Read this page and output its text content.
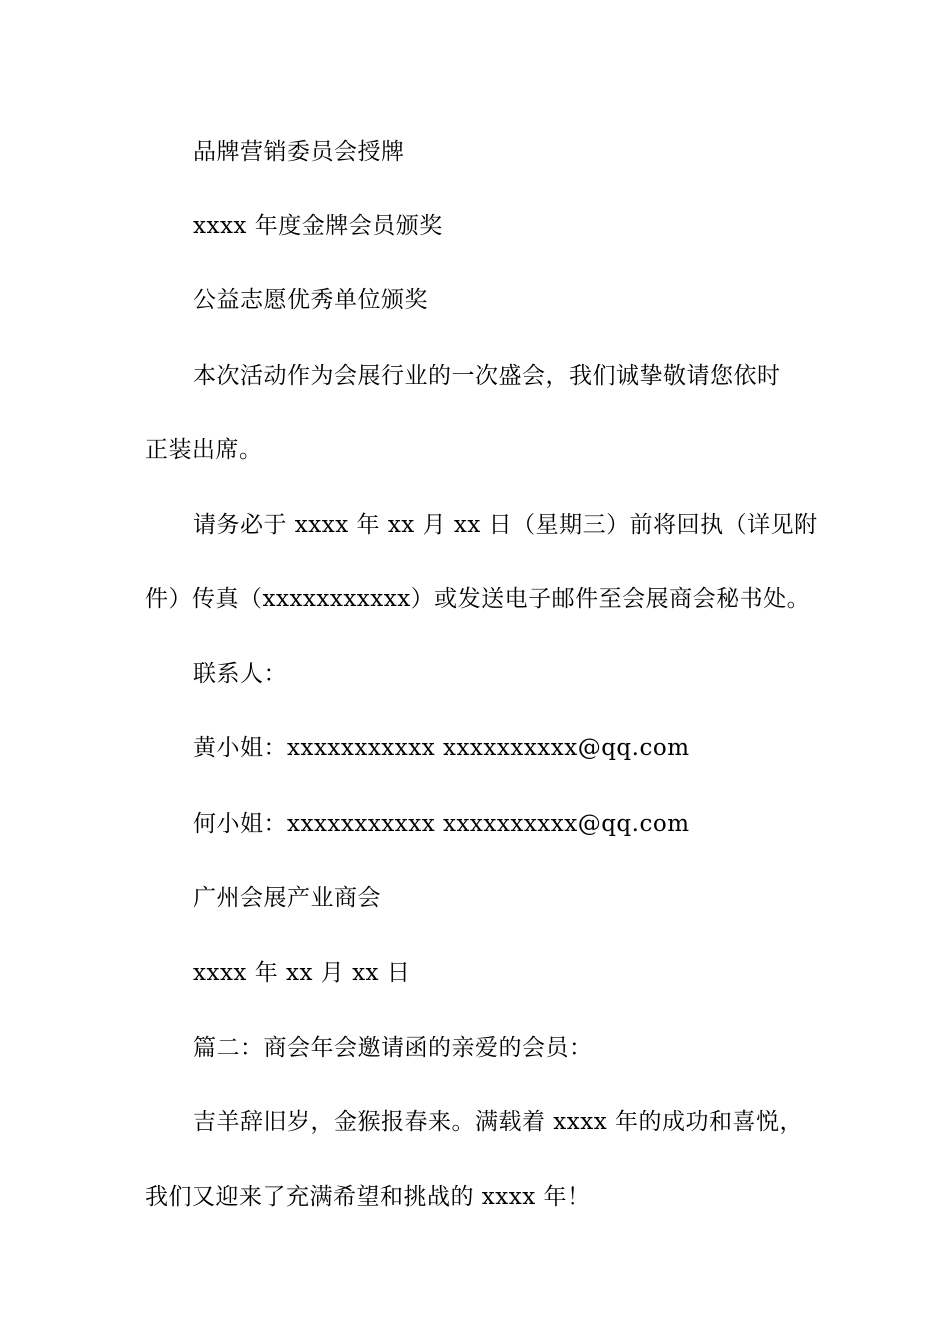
品牌营销委员会授牌
xxxx 年度金牌会员颁奖
公益志愿优秀单位颁奖
本次活动作为会展行业的一次盛会，我们诚挚敬请您依时
正装出席。
请务必于 xxxx 年 xx 月 xx 日（星期三）前将回执（详见附
件）传真（xxxxxxxxxxx）或发送电子邮件至会展商会秘书处。
联系人：
黄小姐：xxxxxxxxxxx xxxxxxxxxx@qq.com
何小姐：xxxxxxxxxxx xxxxxxxxxx@qq.com
广州会展产业商会
xxxx 年 xx 月 xx 日
篇二：商会年会邀请函的亲爱的会员：
吉羊辞旧岁，金猴报春来。满载着 xxxx 年的成功和喜悦，
我们又迎来了充满希望和挑战的 xxxx 年！
